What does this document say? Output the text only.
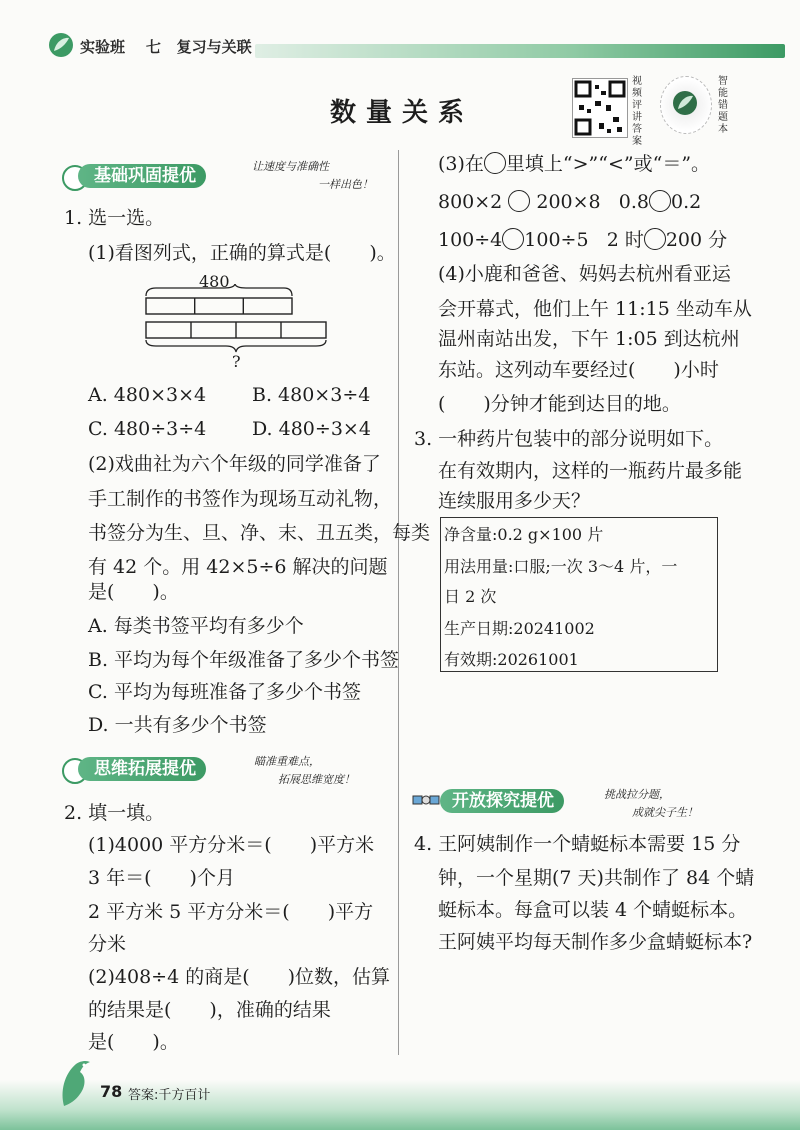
实验班 七 复习与关联
数量关系
视频评讲答案
智能错题本
基础巩固提优	让速度与准确性
一样出色！
1. 选一选。
(1)看图列式，正确的算式是(　　)。
480
?
A. 480×3×4 B. 480×3÷4
C. 480÷3÷4 D. 480÷3×4
(2)戏曲社为六个年级的同学准备了
手工制作的书签作为现场互动礼物，
书签分为生、旦、净、末、丑五类，每类
有 42 个。用 42×5÷6 解决的问题
是(　　)。
A. 每类书签平均有多少个
B. 平均为每个年级准备了多少个书签
C. 平均为每班准备了多少个书签
D. 一共有多少个书签
思维拓展提优	瞄准重难点，
拓展思维宽度！
2. 填一填。
(1)4000 平方分米＝(　　)平方米
3 年＝(　　)个月
2 平方米 5 平方分米＝(　　)平方
分米
(2)408÷4 的商是(　　)位数，估算
的结果是(　　)，准确的结果
是(　　)。
(3)在 里填上“>”“<”或“＝”。
800×2 200×8 0.8 0.2
100÷4 100÷5 2 时 200 分
(4)小鹿和爸爸、妈妈去杭州看亚运
会开幕式，他们上午 11:15 坐动车从
温州南站出发，下午 1:05 到达杭州
东站。这列动车要经过(　　)小时
(　　)分钟才能到达目的地。
3. 一种药片包装中的部分说明如下。
在有效期内，这样的一瓶药片最多能
连续服用多少天？
净含量:0.2 g×100 片
用法用量:口服;一次 3～4 片，一
日 2 次
生产日期:20241002
有效期:20261001
开放探究提优	挑战拉分题，
成就尖子生！
4. 王阿姨制作一个蜻蜓标本需要 15 分
钟，一个星期(7 天)共制作了 84 个蜻
蜓标本。每盒可以装 4 个蜻蜓标本。
王阿姨平均每天制作多少盒蜻蜓标本?
78 答案:千方百计
